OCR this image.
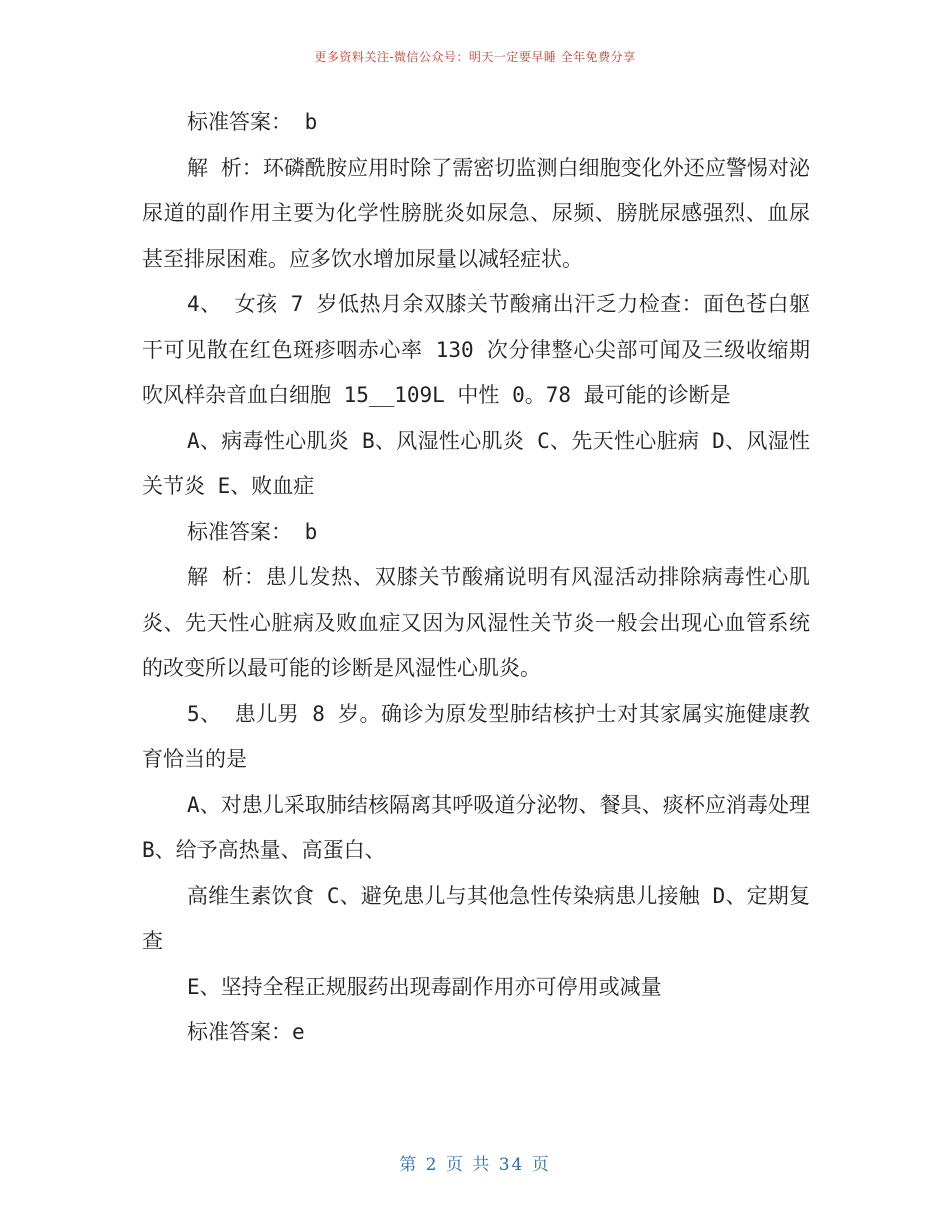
更多资料关注-微信公众号：明天一定要早睡 全年免费分享

标准答案： b

解 析：环磷酰胺应用时除了需密切监测白细胞变化外还应警惕对泌尿道的副作用主要为化学性膀胱炎如尿急、尿频、膀胱尿感强烈、血尿甚至排尿困难。应多饮水增加尿量以减轻症状。

4、 女孩 7 岁低热月余双膝关节酸痛出汗乏力检查：面色苍白躯干可见散在红色斑疹咽赤心率 130 次分律整心尖部可闻及三级收缩期吹风样杂音血白细胞 15__109L 中性 0。78 最可能的诊断是

A、病毒性心肌炎 B、风湿性心肌炎 C、先天性心脏病 D、风湿性关节炎 E、败血症

标准答案： b

解 析：患儿发热、双膝关节酸痛说明有风湿活动排除病毒性心肌炎、先天性心脏病及败血症又因为风湿性关节炎一般会出现心血管系统的改变所以最可能的诊断是风湿性心肌炎。

5、 患儿男 8 岁。确诊为原发型肺结核护士对其家属实施健康教育恰当的是

A、对患儿采取肺结核隔离其呼吸道分泌物、餐具、痰杯应消毒处理 B、给予高热量、高蛋白、

高维生素饮食 C、避免患儿与其他急性传染病患儿接触 D、定期复查

E、坚持全程正规服药出现毒副作用亦可停用或减量

标准答案：e

第 2 页 共 34 页
